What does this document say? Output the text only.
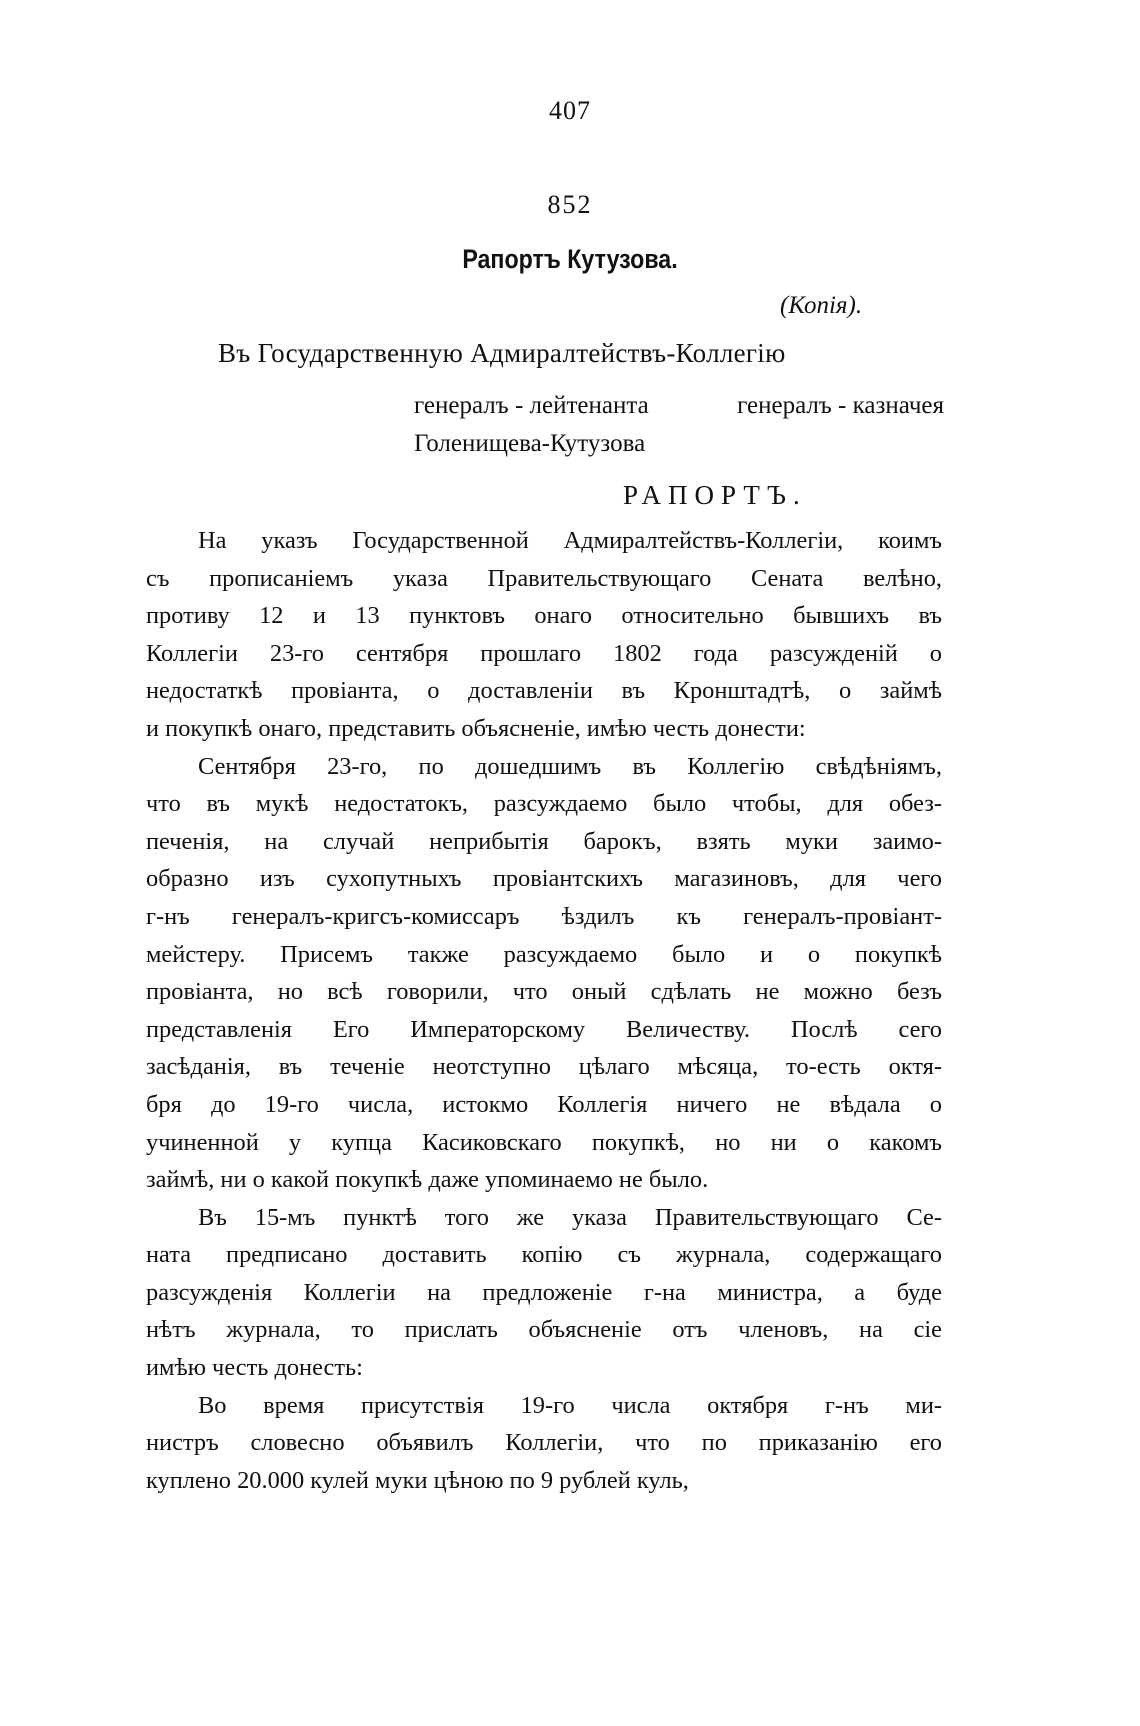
407
852
Рапортъ Кутузова.
(Копія).
Въ Государственную Адмиралтействъ-Коллегію
генералъ - лейтенанта	генералъ - казначея
Голенищева-Кутузова
РАПОРТЪ.
На указъ Государственной Адмиралтействъ-Коллегіи, коимъ
съ прописаніемъ указа Правительствующаго Сената велѣно,
противу 12 и 13 пунктовъ онаго относительно бывшихъ въ
Коллегіи 23-го сентября прошлаго 1802 года разсужденій о
недостаткѣ провіанта, о доставленіи въ Кронштадтѣ, о займѣ
и покупкѣ онаго, представить объясненіе, имѣю честь донести:
Сентября 23-го, по дошедшимъ въ Коллегію свѣдѣніямъ,
что въ мукѣ недостатокъ, разсуждаемо было чтобы, для обез-
печенія, на случай неприбытія барокъ, взять муки заимо-
образно изъ сухопутныхъ провіантскихъ магазиновъ, для чего
г-нъ генералъ-кригсъ-комиссаръ ѣздилъ къ генералъ-провіант-
мейстеру. Присемъ также разсуждаемо было и о покупкѣ
провіанта, но всѣ говорили, что оный сдѣлать не можно безъ
представленія Его Императорскому Величеству. Послѣ сего
засѣданія, въ теченіе неотступно цѣлаго мѣсяца, то-есть октя-
бря до 19-го числа, истокмо Коллегія ничего не вѣдала о
учиненной у купца Касиковскаго покупкѣ, но ни о какомъ
займѣ, ни о какой покупкѣ даже упоминаемо не было.
Въ 15-мъ пунктѣ того же указа Правительствующаго Се-
ната предписано доставить копію съ журнала, содержащаго
разсужденія Коллегіи на предложеніе г-на министра, а буде
нѣтъ журнала, то прислать объясненіе отъ членовъ, на сіе
имѣю честь донесть:
Во время присутствія 19-го числа октября г-нъ ми-
нистръ словесно объявилъ Коллегіи, что по приказанію его
куплено 20.000 кулей муки цѣною по 9 рублей куль,
